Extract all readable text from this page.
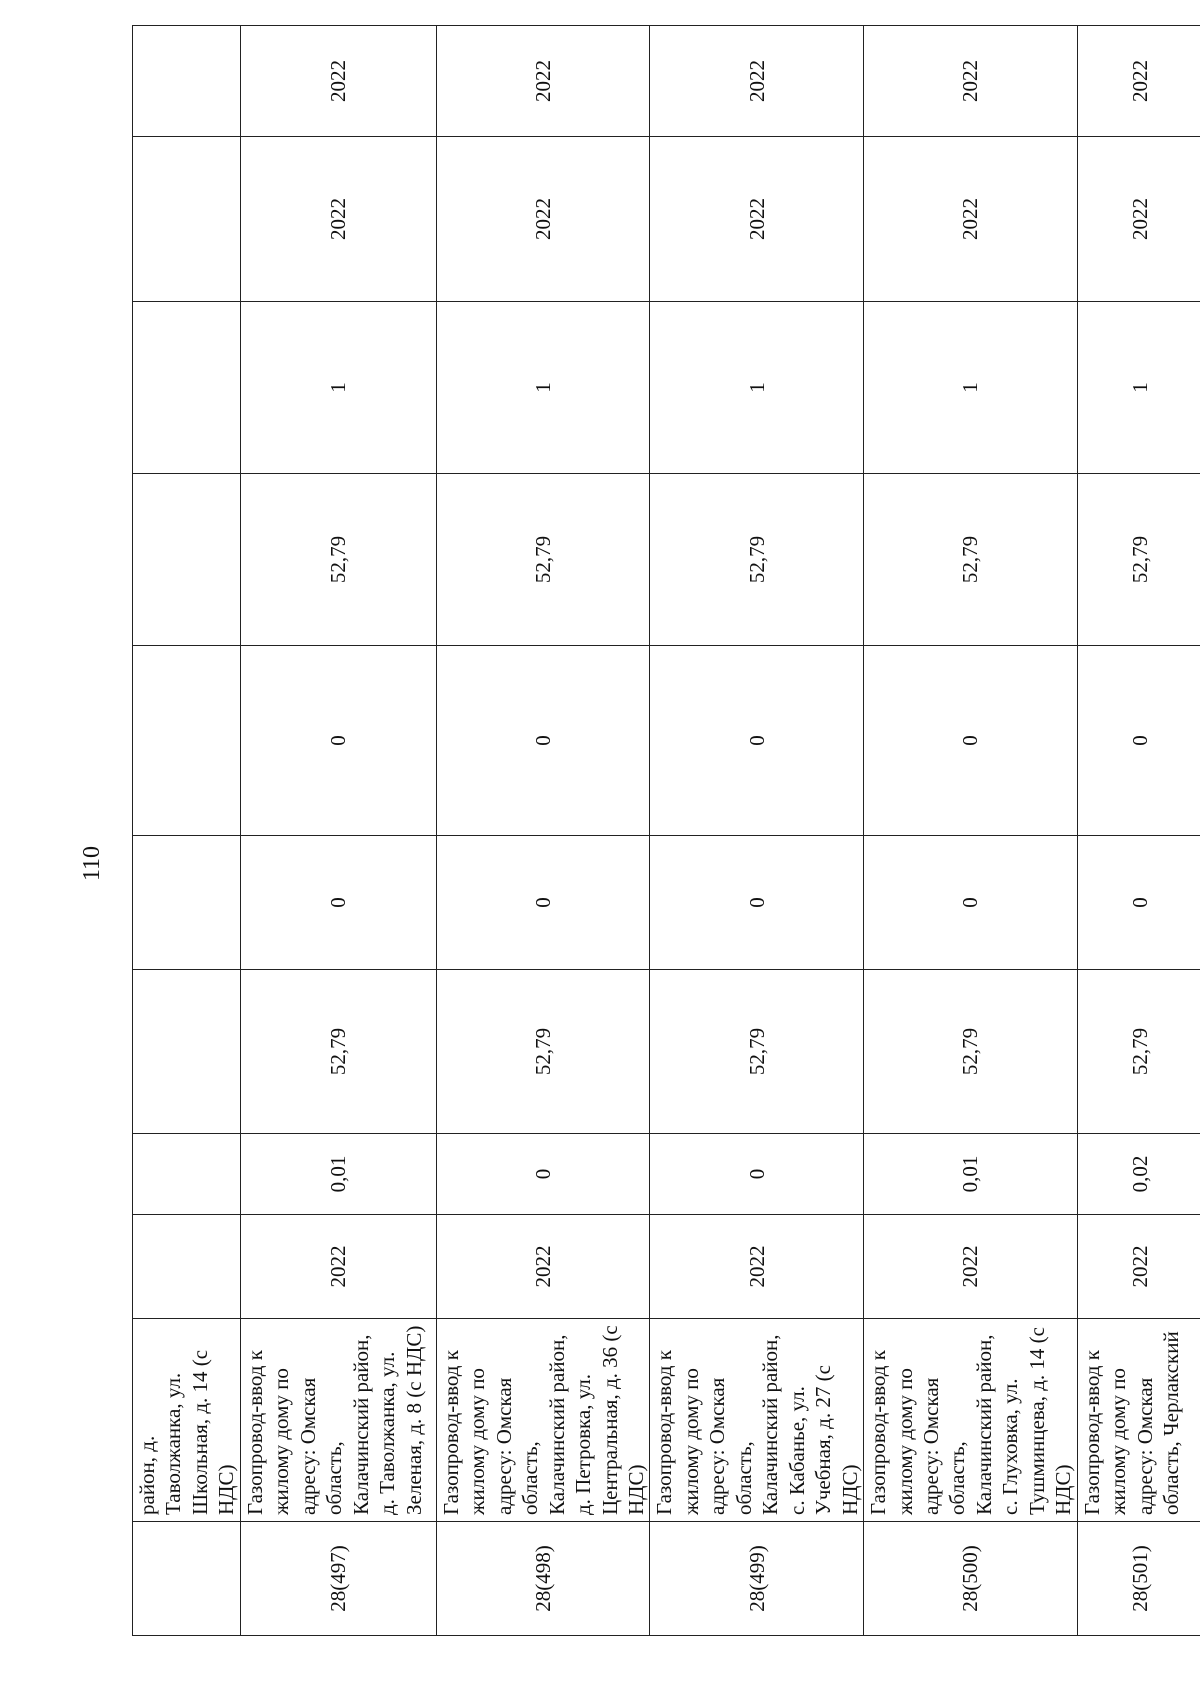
110
	район, д. Таволжанка, ул. Школьная, д. 14 (с НДС)									
28(497)	Газопровод-ввод к жилому дому по адресу: Омская область, Калачинский район, д. Таволжанка, ул. Зеленая, д. 8 (с НДС)	2022	0,01	52,79	0	0	52,79	1	2022	2022
28(498)	Газопровод-ввод к жилому дому по адресу: Омская область, Калачинский район, д. Петровка, ул. Центральная, д. 36 (с НДС)	2022	0	52,79	0	0	52,79	1	2022	2022
28(499)	Газопровод-ввод к жилому дому по адресу: Омская область, Калачинский район, с. Кабанье, ул. Учебная, д. 27 (с НДС)	2022	0	52,79	0	0	52,79	1	2022	2022
28(500)	Газопровод-ввод к жилому дому по адресу: Омская область, Калачинский район, с. Глуховка, ул. Тушминцева, д. 14 (с НДС)	2022	0,01	52,79	0	0	52,79	1	2022	2022
28(501)	Газопровод-ввод к жилому дому по адресу: Омская область, Черлакский	2022	0,02	52,79	0	0	52,79	1	2022	2022
